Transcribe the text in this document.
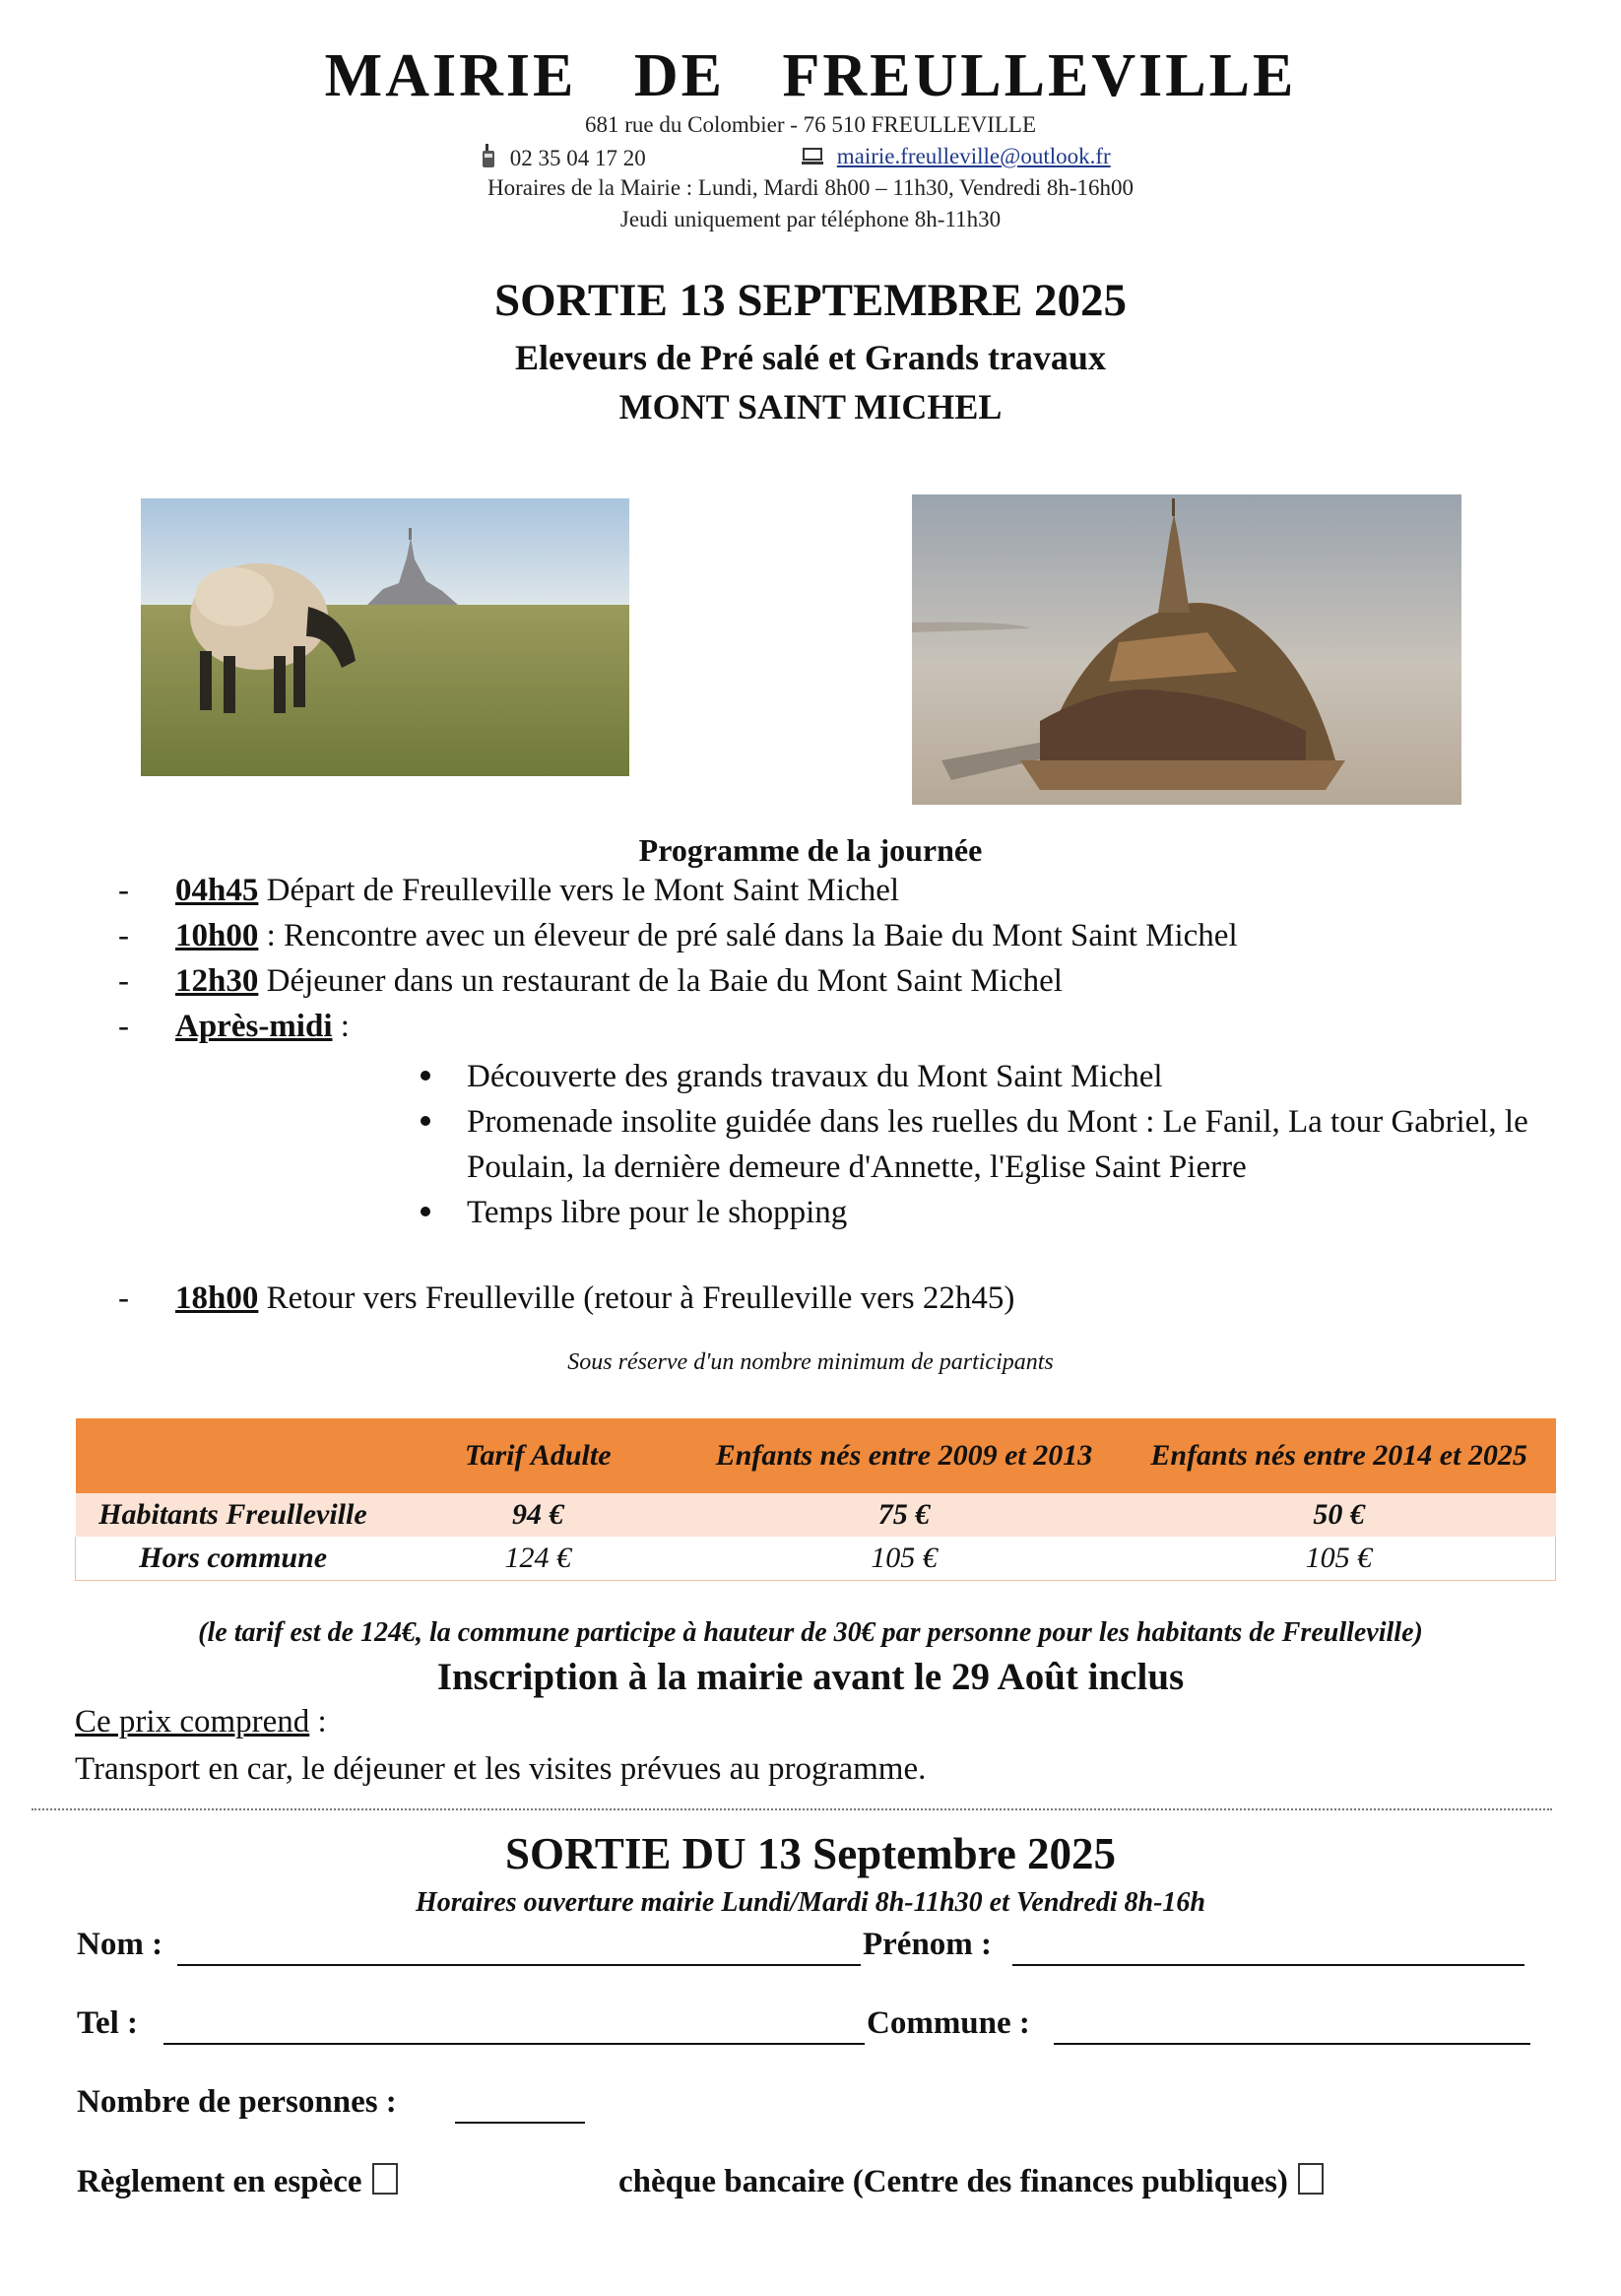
MAIRIE DE FREULLEVILLE
681 rue du Colombier - 76 510 FREULLEVILLE
02 35 04 17 20	mairie.freulleville@outlook.fr
Horaires de la Mairie : Lundi, Mardi 8h00 – 11h30, Vendredi 8h-16h00
Jeudi uniquement par téléphone 8h-11h30
SORTIE 13 SEPTEMBRE 2025
Eleveurs de Pré salé et Grands travaux
MONT SAINT MICHEL
Programme de la journée
- 04h45 Départ de Freulleville vers le Mont Saint Michel
- 10h00 : Rencontre avec un éleveur de pré salé dans la Baie du Mont Saint Michel
- 12h30 Déjeuner dans un restaurant de la Baie du Mont Saint Michel
- Après-midi :
Découverte des grands travaux du Mont Saint Michel
Promenade insolite guidée dans les ruelles du Mont : Le Fanil, La tour Gabriel, le Poulain, la dernière demeure d'Annette, l'Eglise Saint Pierre
Temps libre pour le shopping
- 18h00 Retour vers Freulleville (retour à Freulleville vers 22h45)
Sous réserve d'un nombre minimum de participants
	Tarif Adulte	Enfants nés entre 2009 et 2013	Enfants nés entre 2014 et 2025
Habitants Freulleville	94 €	75 €	50 €
Hors commune	124 €	105 €	105 €
(le tarif est de 124€, la commune participe à hauteur de 30€ par personne pour les habitants de Freulleville)
Inscription à la mairie avant le 29 Août inclus
Ce prix comprend :
Transport en car, le déjeuner et les visites prévues au programme.
SORTIE DU 13 Septembre 2025
Horaires ouverture mairie Lundi/Mardi 8h-11h30 et Vendredi 8h-16h
Nom :	Prénom :
Tel :	Commune :
Nombre de personnes :
Règlement en espèce	chèque bancaire (Centre des finances publiques)
